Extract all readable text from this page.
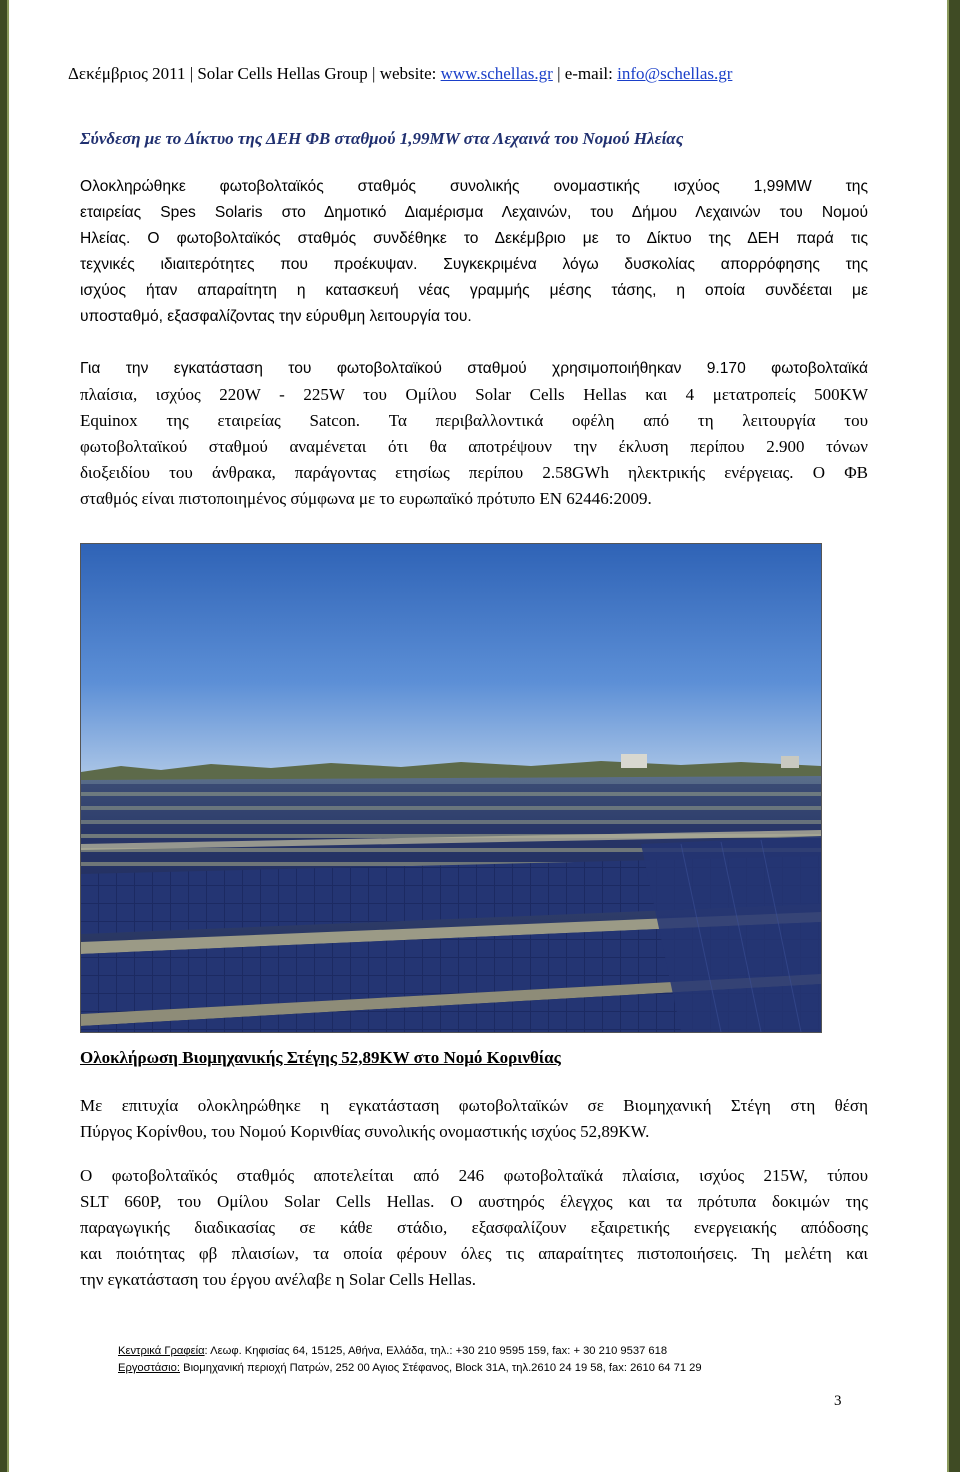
Δεκέμβριος 2011 | Solar Cells Hellas Group | website: www.schellas.gr | e-mail: info@schellas.gr
Σύνδεση με το Δίκτυο της ΔΕΗ ΦΒ σταθμού 1,99MW στα Λεχαινά του Νομού Ηλείας
Ολοκληρώθηκε φωτοβολταϊκός σταθμός συνολικής ονομαστικής ισχύος 1,99MW της
εταιρείας Spes Solaris στο Δημοτικό Διαμέρισμα Λεχαινών, του Δήμου Λεχαινών του Νομού
Ηλείας. Ο φωτοβολταϊκός σταθμός συνδέθηκε το Δεκέμβριο με το Δίκτυο της ΔΕΗ παρά τις
τεχνικές ιδιαιτερότητες που προέκυψαν. Συγκεκριμένα λόγω δυσκολίας απορρόφησης της
ισχύος ήταν απαραίτητη η κατασκευή νέας γραμμής μέσης τάσης, η οποία συνδέεται με
υποσταθμό, εξασφαλίζοντας την εύρυθμη λειτουργία του.
Για την εγκατάσταση του φωτοβολταϊκού σταθμού χρησιμοποιήθηκαν 9.170 φωτοβολταϊκά
πλαίσια, ισχύος 220W - 225W του Ομίλου Solar Cells Hellas και 4 μετατροπείς 500KW
Equinox της εταιρείας Satcon. Τα περιβαλλοντικά οφέλη από τη λειτουργία του
φωτοβολταϊκού σταθμού αναμένεται ότι θα αποτρέψουν την έκλυση περίπου 2.900 τόνων
διοξειδίου του άνθρακα, παράγοντας ετησίως περίπου 2.58GWh ηλεκτρικής ενέργειας. Ο ΦΒ
σταθμός είναι πιστοποιημένος σύμφωνα με το ευρωπαϊκό πρότυπο EN 62446:2009.
Ολοκλήρωση Βιομηχανικής Στέγης 52,89KW στο Νομό Κορινθίας
Με επιτυχία ολοκληρώθηκε η εγκατάσταση φωτοβολταϊκών σε Βιομηχανική Στέγη στη θέση
Πύργος Κορίνθου, του Νομού Κορινθίας συνολικής ονομαστικής ισχύος 52,89KW.
Ο φωτοβολταϊκός σταθμός αποτελείται από 246 φωτοβολταϊκά πλαίσια, ισχύος 215W, τύπου
SLT 660P, του Ομίλου Solar Cells Hellas. Ο αυστηρός έλεγχος και τα πρότυπα δοκιμών της
παραγωγικής διαδικασίας σε κάθε στάδιο, εξασφαλίζουν εξαιρετικής ενεργειακής απόδοσης
και ποιότητας φβ πλαισίων, τα οποία φέρουν όλες τις απαραίτητες πιστοποιήσεις. Τη μελέτη και
την εγκατάσταση του έργου ανέλαβε η Solar Cells Hellas.
Κεντρικά Γραφεία: Λεωφ. Κηφισίας 64, 15125, Αθήνα, Ελλάδα, τηλ.: +30 210 9595 159, fax: + 30 210 9537 618
Εργοστάσιο: Βιομηχανική περιοχή Πατρών, 252 00 Αγιος Στέφανος, Block 31A, τηλ.2610 24 19 58, fax: 2610 64 71 29
3
